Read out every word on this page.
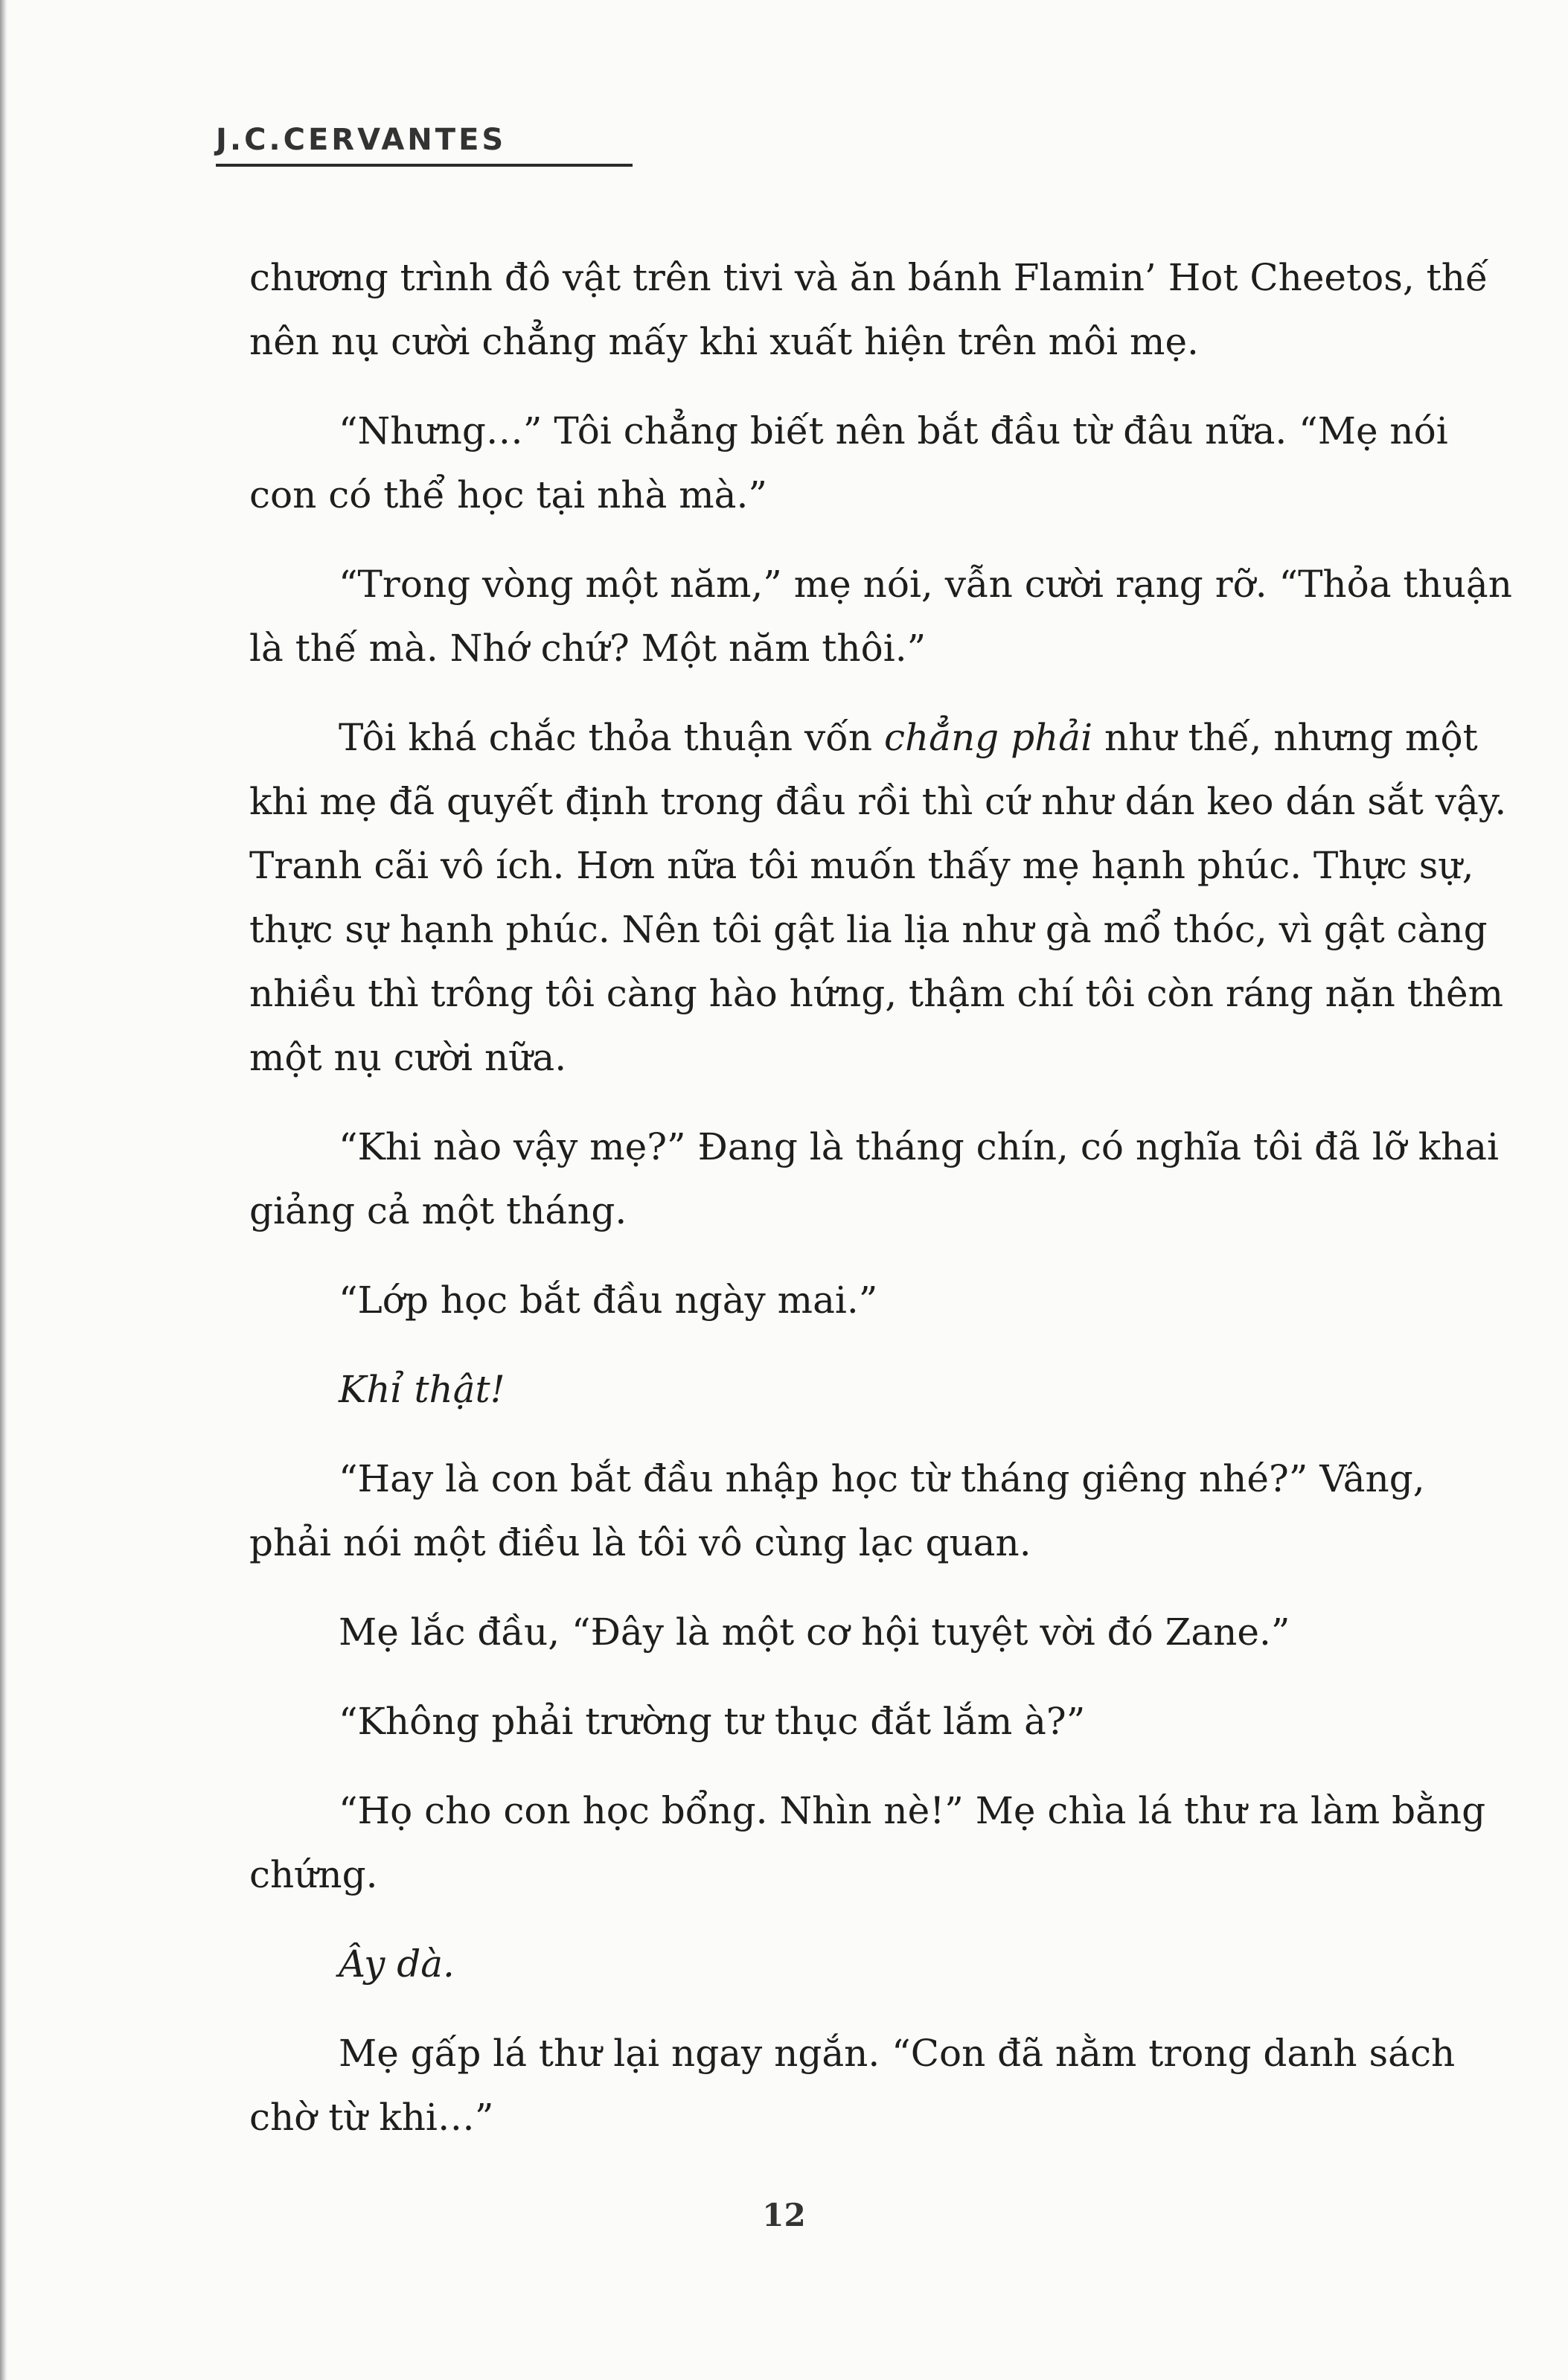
J.C.CERVANTES

chương trình đô vật trên tivi và ăn bánh Flamin’ Hot Cheetos, thế nên nụ cười chẳng mấy khi xuất hiện trên môi mẹ.

“Nhưng…” Tôi chẳng biết nên bắt đầu từ đâu nữa. “Mẹ nói con có thể học tại nhà mà.”

“Trong vòng một năm,” mẹ nói, vẫn cười rạng rỡ. “Thỏa thuận là thế mà. Nhớ chứ? Một năm thôi.”

Tôi khá chắc thỏa thuận vốn chẳng phải như thế, nhưng một khi mẹ đã quyết định trong đầu rồi thì cứ như dán keo dán sắt vậy. Tranh cãi vô ích. Hơn nữa tôi muốn thấy mẹ hạnh phúc. Thực sự, thực sự hạnh phúc. Nên tôi gật lia lịa như gà mổ thóc, vì gật càng nhiều thì trông tôi càng hào hứng, thậm chí tôi còn ráng nặn thêm một nụ cười nữa.

“Khi nào vậy mẹ?” Đang là tháng chín, có nghĩa tôi đã lỡ khai giảng cả một tháng.

“Lớp học bắt đầu ngày mai.”

Khỉ thật!

“Hay là con bắt đầu nhập học từ tháng giêng nhé?” Vâng, phải nói một điều là tôi vô cùng lạc quan.

Mẹ lắc đầu, “Đây là một cơ hội tuyệt vời đó Zane.”

“Không phải trường tư thục đắt lắm à?”

“Họ cho con học bổng. Nhìn nè!” Mẹ chìa lá thư ra làm bằng chứng.

Ây dà.

Mẹ gấp lá thư lại ngay ngắn. “Con đã nằm trong danh sách chờ từ khi…”

12
